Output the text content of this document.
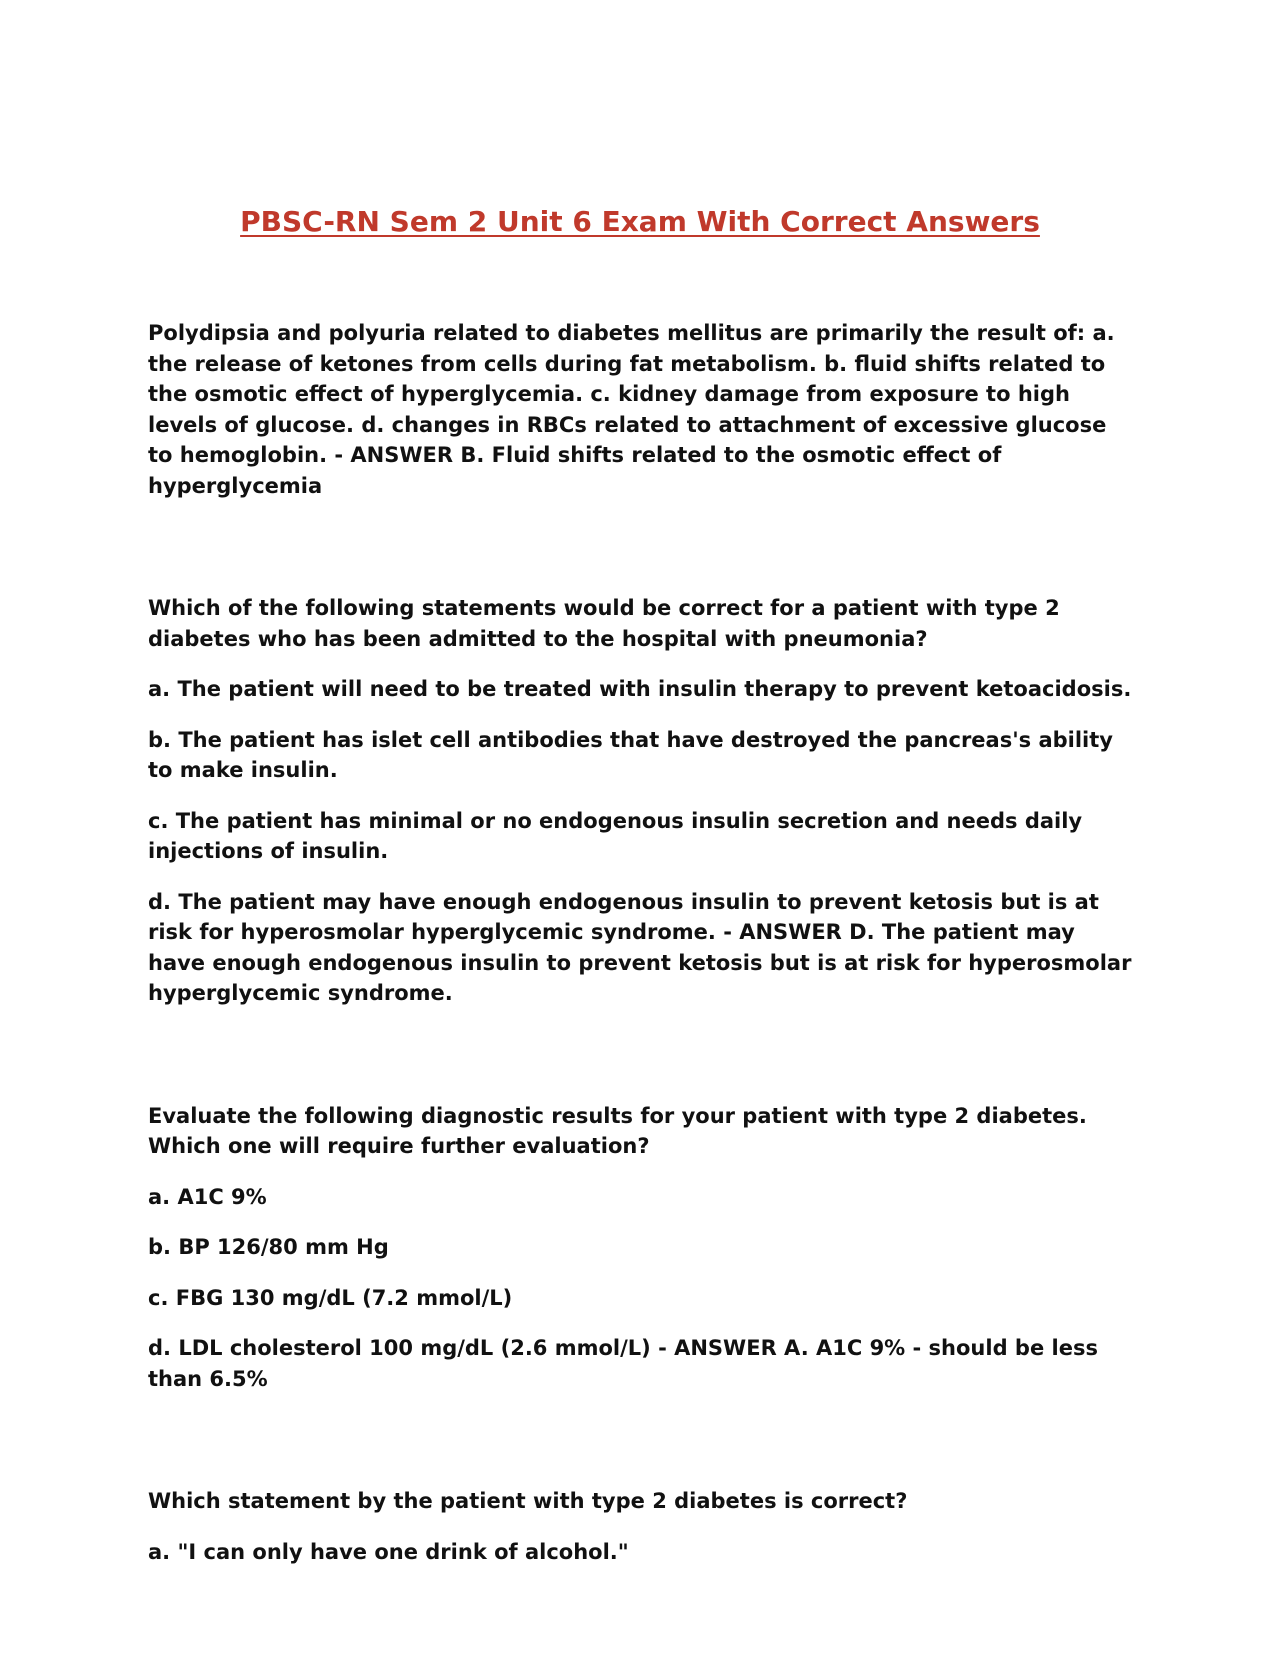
PBSC-RN Sem 2 Unit 6 Exam With Correct Answers

Polydipsia and polyuria related to diabetes mellitus are primarily the result of: a. the release of ketones from cells during fat metabolism. b. fluid shifts related to the osmotic effect of hyperglycemia. c. kidney damage from exposure to high levels of glucose. d. changes in RBCs related to attachment of excessive glucose to hemoglobin. - ANSWER B. Fluid shifts related to the osmotic effect of hyperglycemia

Which of the following statements would be correct for a patient with type 2 diabetes who has been admitted to the hospital with pneumonia?

a. The patient will need to be treated with insulin therapy to prevent ketoacidosis.

b. The patient has islet cell antibodies that have destroyed the pancreas's ability to make insulin.

c. The patient has minimal or no endogenous insulin secretion and needs daily injections of insulin.

d. The patient may have enough endogenous insulin to prevent ketosis but is at risk for hyperosmolar hyperglycemic syndrome. - ANSWER D. The patient may have enough endogenous insulin to prevent ketosis but is at risk for hyperosmolar hyperglycemic syndrome.

Evaluate the following diagnostic results for your patient with type 2 diabetes. Which one will require further evaluation?

a. A1C 9%

b. BP 126/80 mm Hg

c. FBG 130 mg/dL (7.2 mmol/L)

d. LDL cholesterol 100 mg/dL (2.6 mmol/L) - ANSWER A. A1C 9% - should be less than 6.5%

Which statement by the patient with type 2 diabetes is correct?

a. "I can only have one drink of alcohol."
